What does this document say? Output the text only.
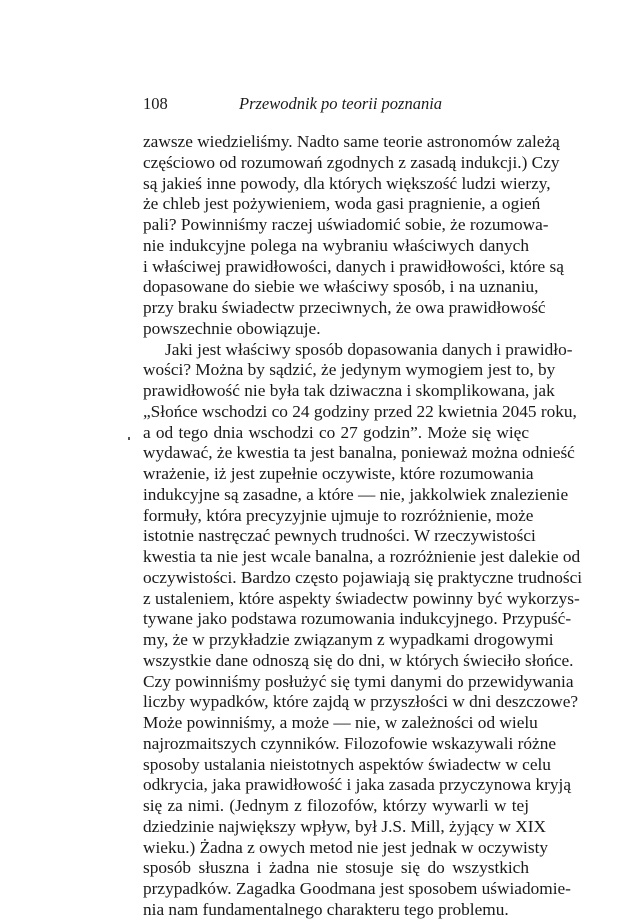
108	Przewodnik po teorii poznania
zawsze wiedzieliśmy. Nadto same teorie astronomów zależą
częściowo od rozumowań zgodnych z zasadą indukcji.) Czy
są jakieś inne powody, dla których większość ludzi wierzy,
że chleb jest pożywieniem, woda gasi pragnienie, a ogień
pali? Powinniśmy raczej uświadomić sobie, że rozumowa-
nie indukcyjne polega na wybraniu właściwych danych
i właściwej prawidłowości, danych i prawidłowości, które są
dopasowane do siebie we właściwy sposób, i na uznaniu,
przy braku świadectw przeciwnych, że owa prawidłowość
powszechnie obowiązuje.
Jaki jest właściwy sposób dopasowania danych i prawidło-
wości? Można by sądzić, że jedynym wymogiem jest to, by
prawidłowość nie była tak dziwaczna i skomplikowana, jak
„Słońce wschodzi co 24 godziny przed 22 kwietnia 2045 roku,
a od tego dnia wschodzi co 27 godzin”. Może się więc
wydawać, że kwestia ta jest banalna, ponieważ można odnieść
wrażenie, iż jest zupełnie oczywiste, które rozumowania
indukcyjne są zasadne, a które — nie, jakkolwiek znalezienie
formuły, która precyzyjnie ujmuje to rozróżnienie, może
istotnie nastręczać pewnych trudności. W rzeczywistości
kwestia ta nie jest wcale banalna, a rozróżnienie jest dalekie od
oczywistości. Bardzo często pojawiają się praktyczne trudności
z ustaleniem, które aspekty świadectw powinny być wykorzys-
tywane jako podstawa rozumowania indukcyjnego. Przypuść-
my, że w przykładzie związanym z wypadkami drogowymi
wszystkie dane odnoszą się do dni, w których świeciło słońce.
Czy powinniśmy posłużyć się tymi danymi do przewidywania
liczby wypadków, które zajdą w przyszłości w dni deszczowe?
Może powinniśmy, a może — nie, w zależności od wielu
najrozmaitszych czynników. Filozofowie wskazywali różne
sposoby ustalania nieistotnych aspektów świadectw w celu
odkrycia, jaka prawidłowość i jaka zasada przyczynowa kryją
się za nimi. (Jednym z filozofów, którzy wywarli w tej
dziedzinie największy wpływ, był J.S. Mill, żyjący w XIX
wieku.) Żadna z owych metod nie jest jednak w oczywisty
sposób słuszna i żadna nie stosuje się do wszystkich
przypadków. Zagadka Goodmana jest sposobem uświadomie-
nia nam fundamentalnego charakteru tego problemu.
